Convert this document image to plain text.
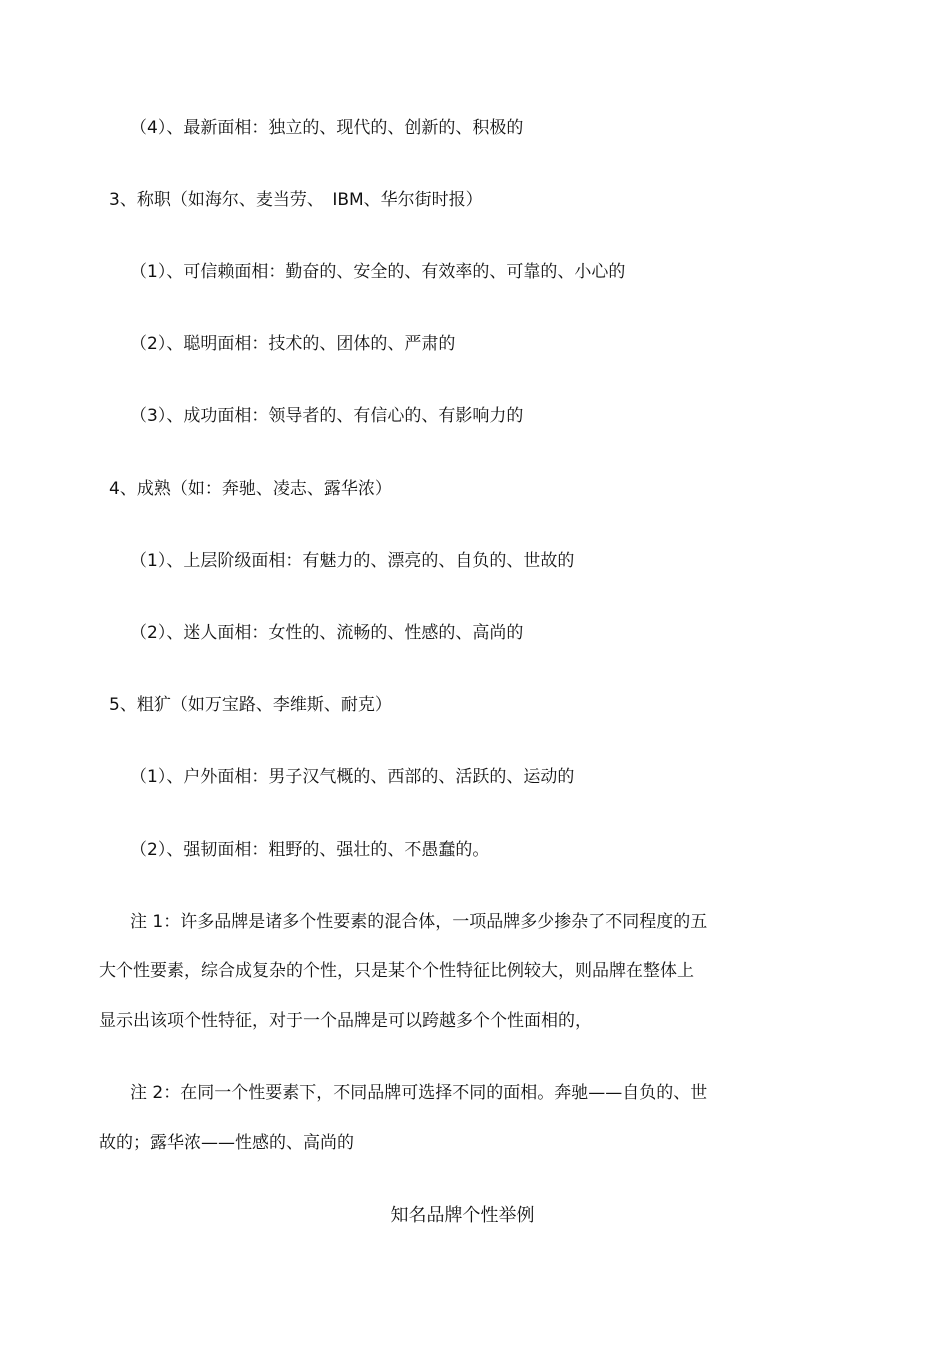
（4）、最新面相：独立的、现代的、创新的、积极的
3、称职（如海尔、麦当劳、　IBM、华尔街时报）
（1）、可信赖面相：勤奋的、安全的、有效率的、可靠的、小心的
（2）、聪明面相：技术的、团体的、严肃的
（3）、成功面相：领导者的、有信心的、有影响力的
4、成熟（如：奔驰、凌志、露华浓）
（1）、上层阶级面相：有魅力的、漂亮的、自负的、世故的
（2）、迷人面相：女性的、流畅的、性感的、高尚的
5、粗犷（如万宝路、李维斯、耐克）
（1）、户外面相：男子汉气概的、西部的、活跃的、运动的
（2）、强韧面相：粗野的、强壮的、不愚蠢的。
注 1：许多品牌是诸多个性要素的混合体，一项品牌多少掺杂了不同程度的五
大个性要素，综合成复杂的个性，只是某个个性特征比例较大，则品牌在整体上
显示出该项个性特征，对于一个品牌是可以跨越多个个性面相的，
注 2：在同一个性要素下，不同品牌可选择不同的面相。奔驰——自负的、世
故的；露华浓——性感的、高尚的
知名品牌个性举例
